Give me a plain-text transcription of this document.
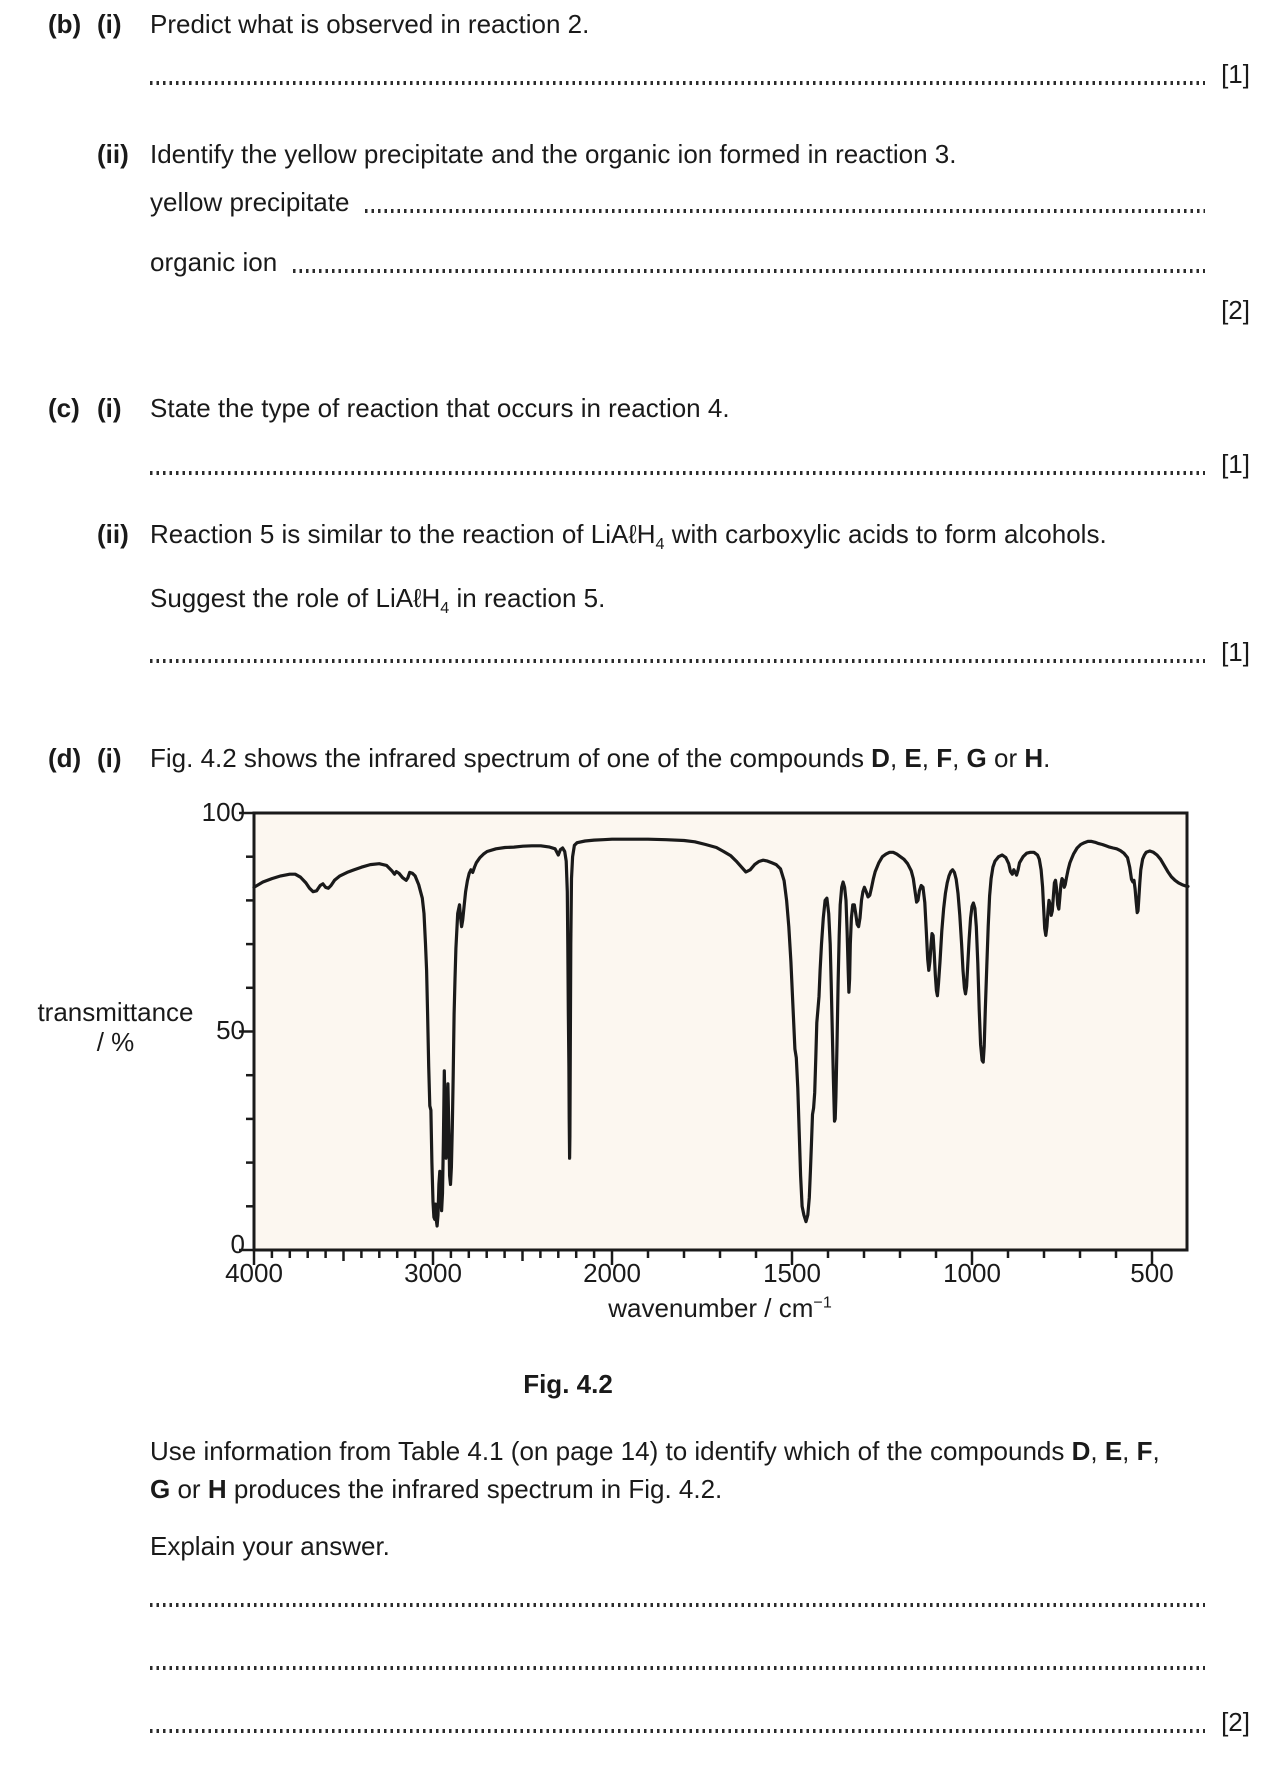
(b) (i) Predict what is observed in reaction 2.
[1]
(ii) Identify the yellow precipitate and the organic ion formed in reaction 3.
yellow precipitate
organic ion
[2]
(c) (i) State the type of reaction that occurs in reaction 4.
[1]
(ii) Reaction 5 is similar to the reaction of LiAℓH$_4$ with carboxylic acids to form alcohols.
Suggest the role of LiAℓH$_4$ in reaction 5.
[1]
(d) (i) Fig. 4.2 shows the infrared spectrum of one of the compounds D, E, F, G or H.
100
50
0
transmittance
/ %
4000	3000	2000	1500	1000	500
wavenumber / $cm^{-1}$
Fig. 4.2
Use information from Table 4.1 (on page 14) to identify which of the compounds D, E, F,
G or H produces the infrared spectrum in Fig. 4.2.
Explain your answer.
[2]
